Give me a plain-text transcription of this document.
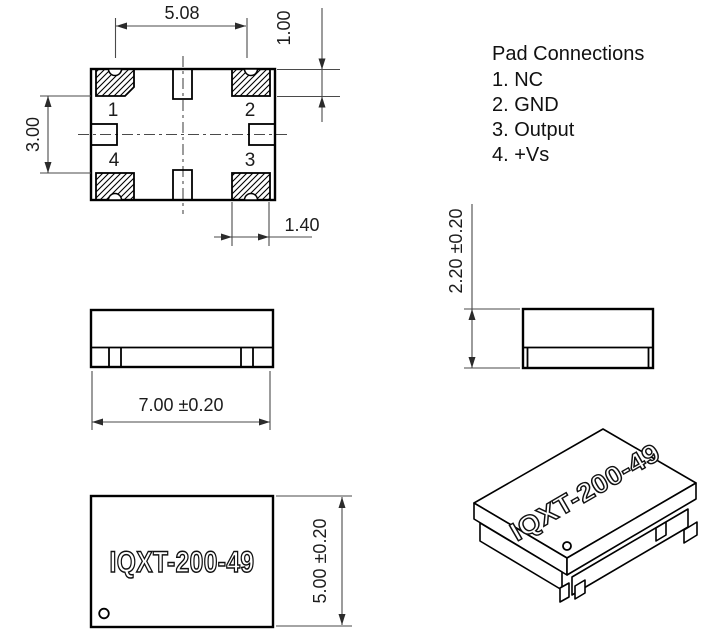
1	2
3
4
5.08	1.00
3.00
1.40
Pad Connections
1. NC
2. GND
3. Output
4. +Vs
7.00 ±0.20
2.20 ±0.20
IQXT-200-49	5.00 ±0.20
IQXT-200-49
